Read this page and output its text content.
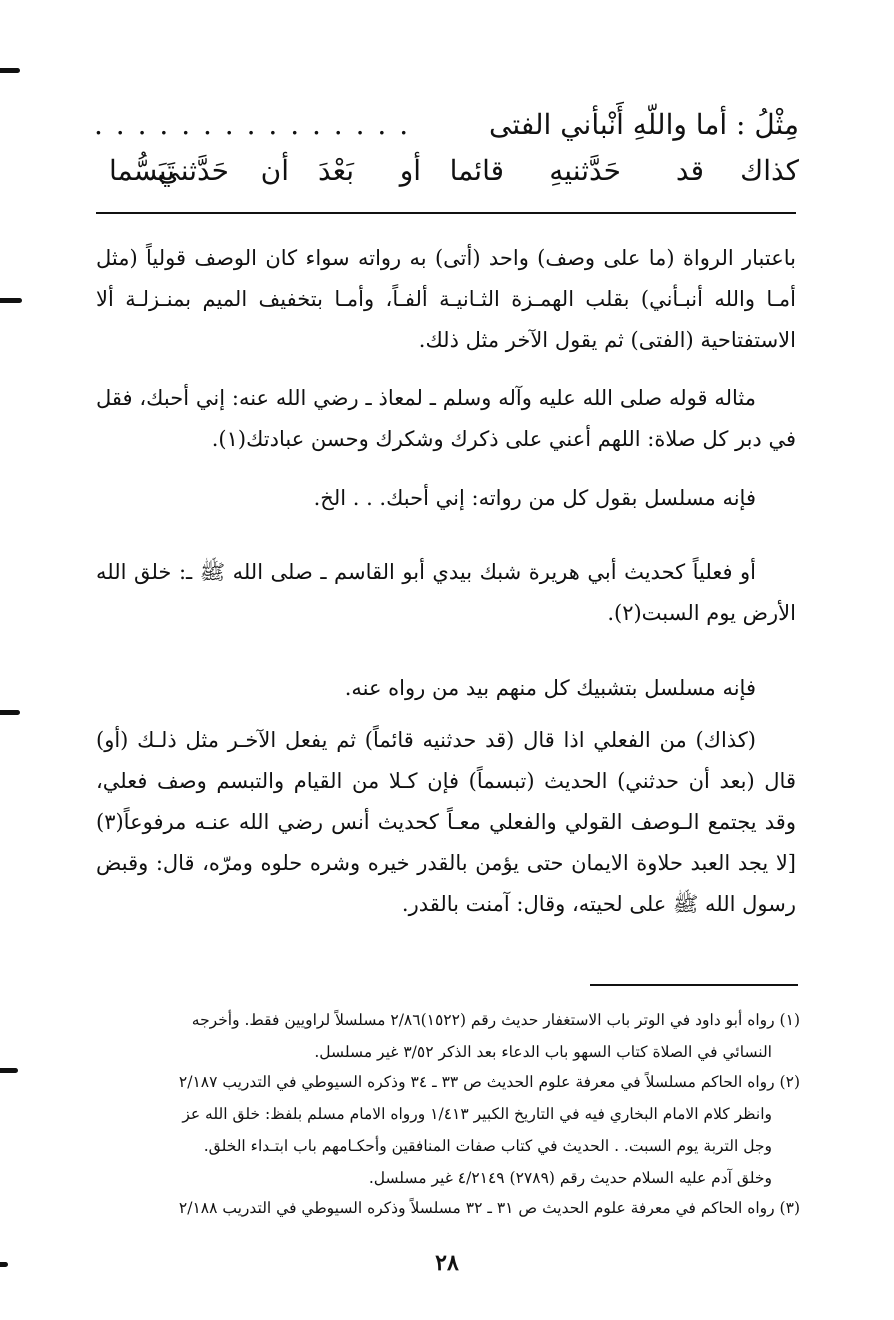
مِثْلُ : أما واللّهِ أَنْبأني الفتى
. . . . . . . . . . . . . . .
كذاك
قد
حَدَّثنيهِ
قائما
أو
بَعْدَ
أن
حَدَّثني
تَبَسُّما

باعتبار الرواة (ما على وصف) واحد (أتى) به رواته سواء كان الوصف قولياً (مثل أمـا والله أنبـأني) بقلب الهمـزة الثـانيـة ألفـاً، وأمـا بتخفيف الميم بمنـزلـة ألا الاستفتاحية (الفتى) ثم يقول الآخر مثل ذلك.

مثاله قوله صلى الله عليه وآله وسلم ـ لمعاذ ـ رضي الله عنه: إني أحبك، فقل في دبر كل صلاة: اللهم أعني على ذكرك وشكرك وحسن عبادتك(١).

فإنه مسلسل بقول كل من رواته: إني أحبك. . . الخ.

أو فعلياً كحديث أبي هريرة شبك بيدي أبو القاسم ـ صلى الله ﷺ ـ: خلق الله الأرض يوم السبت(٢).

فإنه مسلسل بتشبيك كل منهم بيد من رواه عنه.

(كذاك) من الفعلي اذا قال (قد حدثنيه قائماً) ثم يفعل الآخـر مثل ذلـك (أو) قال (بعد أن حدثني) الحديث (تبسماً) فإن كـلا من القيام والتبسم وصف فعلي، وقد يجتمع الـوصف القولي والفعلي معـاً كحديث أنس رضي الله عنـه مرفوعاً(٣) [لا يجد العبد حلاوة الايمان حتى يؤمن بالقدر خيره وشره حلوه ومرّه، قال: وقبض رسول الله ﷺ على لحيته، وقال: آمنت بالقدر.

(١) رواه أبو داود في الوتر باب الاستغفار حديث رقم (١٥٢٢)٢/٨٦ مسلسلاً لراويين فقط. وأخرجه

النسائي في الصلاة كتاب السهو باب الدعاء بعد الذكر ٣/٥٢ غير مسلسل.
(٢) رواه الحاكم مسلسلاً في معرفة علوم الحديث ص ٣٣ ـ ٣٤ وذكره السيوطي في التدريب ٢/١٨٧

وانظر كلام الامام البخاري فيه في التاريخ الكبير ١/٤١٣ ورواه الامام مسلم بلفظ: خلق الله عز
وجل التربة يوم السبت. . الحديث في كتاب صفات المنافقين وأحكـامهم باب ابتـداء الخلق.
وخلق آدم عليه السلام حديث رقم (٢٧٨٩) ٤/٢١٤٩ غير مسلسل.
(٣) رواه الحاكم في معرفة علوم الحديث ص ٣١ ـ ٣٢ مسلسلاً وذكره السيوطي في التدريب ٢/١٨٨
٢٨
